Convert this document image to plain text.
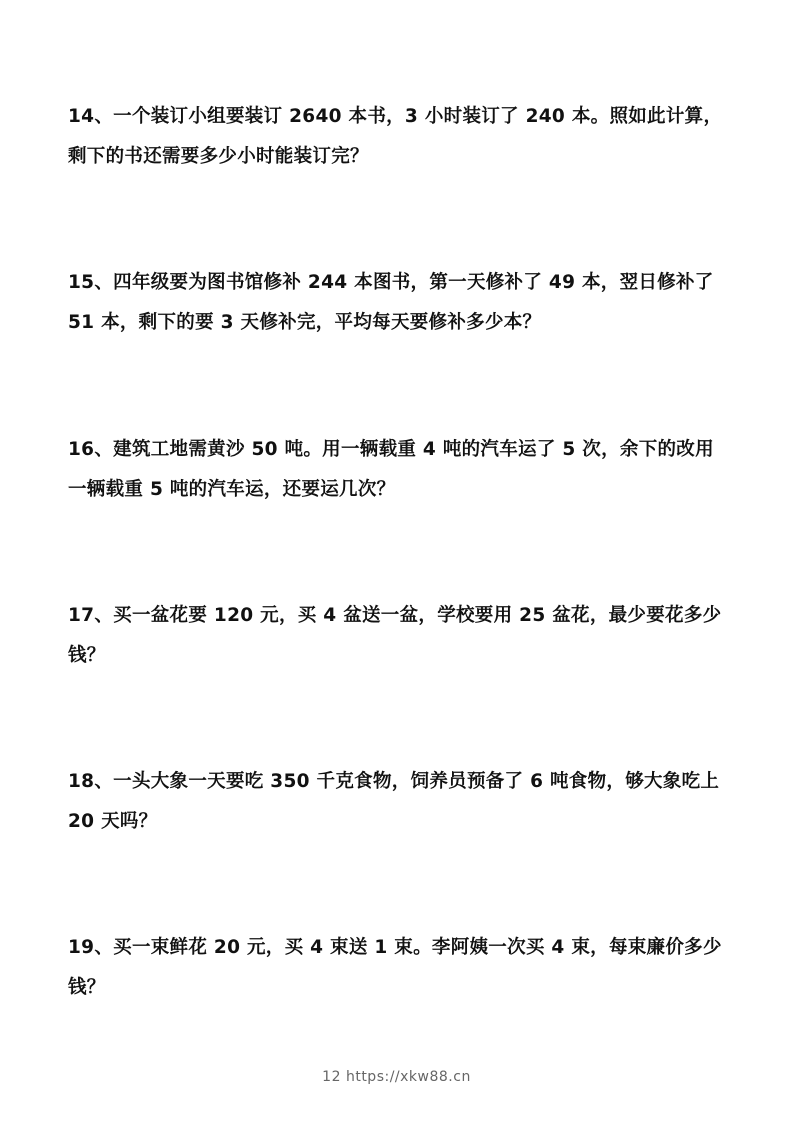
14、一个装订小组要装订 2640 本书，3 小时装订了 240 本。照如此计算，剩下的书还需要多少小时能装订完？
15、四年级要为图书馆修补 244 本图书，第一天修补了 49 本，翌日修补了 51 本，剩下的要 3 天修补完，平均每天要修补多少本？
16、建筑工地需黄沙 50 吨。用一辆载重 4 吨的汽车运了 5 次，余下的改用一辆载重 5 吨的汽车运，还要运几次？
17、买一盆花要 120 元，买 4 盆送一盆，学校要用 25 盆花，最少要花多少钱？
18、一头大象一天要吃 350 千克食物，饲养员预备了 6 吨食物，够大象吃上 20 天吗？
19、买一束鲜花 20 元，买 4 束送 1 束。李阿姨一次买 4 束，每束廉价多少钱？
12 https://xkw88.cn
